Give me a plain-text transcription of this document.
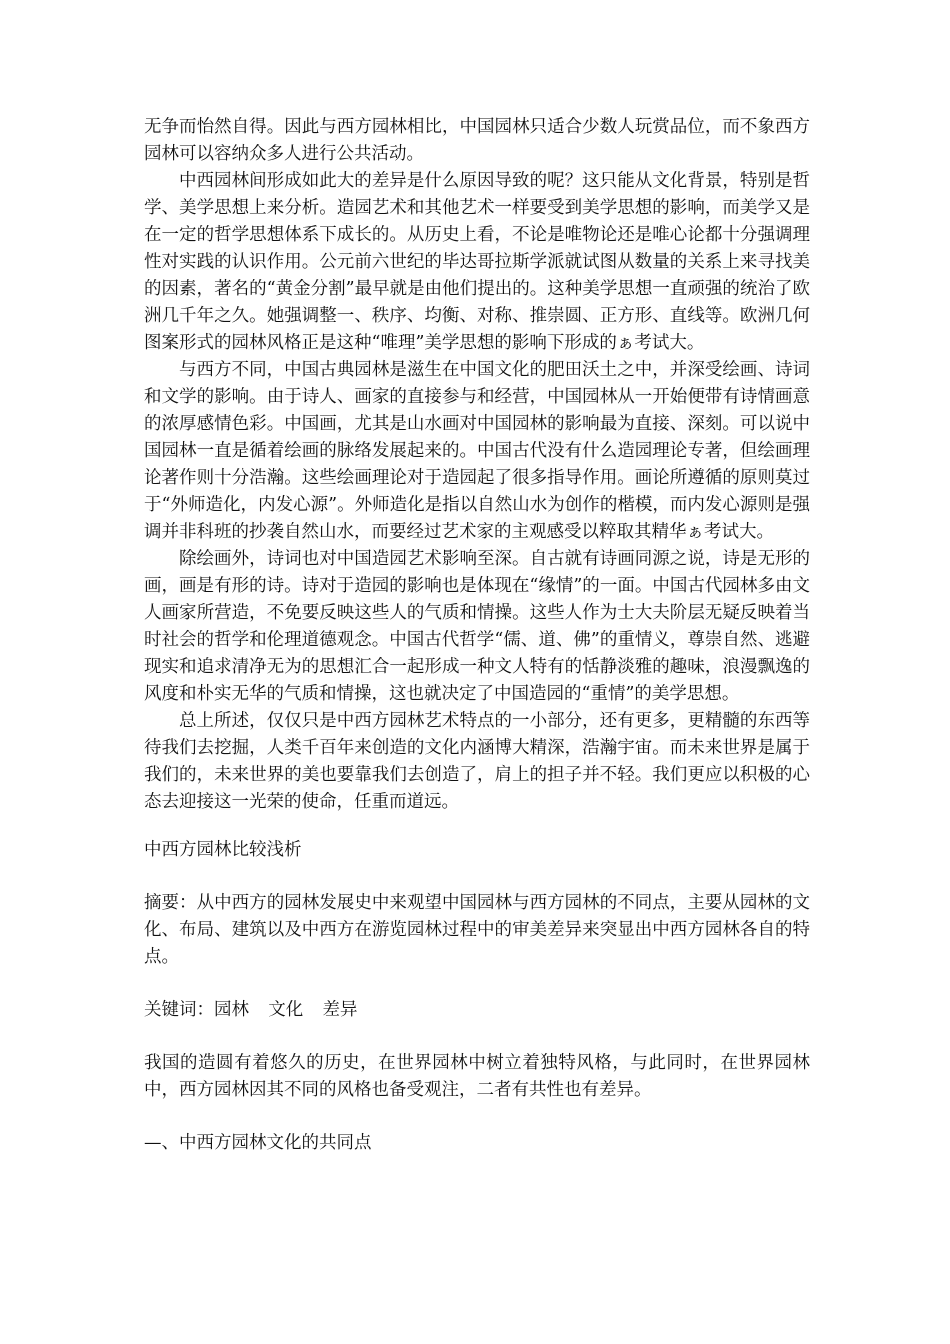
无争而怡然自得。因此与西方园林相比，中国园林只适合少数人玩赏品位，而不象西方园林可以容纳众多人进行公共活动。

中西园林间形成如此大的差异是什么原因导致的呢？这只能从文化背景，特别是哲学、美学思想上来分析。造园艺术和其他艺术一样要受到美学思想的影响，而美学又是在一定的哲学思想体系下成长的。从历史上看，不论是唯物论还是唯心论都十分强调理性对实践的认识作用。公元前六世纪的毕达哥拉斯学派就试图从数量的关系上来寻找美的因素，著名的“黄金分割”最早就是由他们提出的。这种美学思想一直顽强的统治了欧洲几千年之久。她强调整一、秩序、均衡、对称、推崇圆、正方形、直线等。欧洲几何图案形式的园林风格正是这种“唯理”美学思想的影响下形成的ぁ考试大。

与西方不同，中国古典园林是滋生在中国文化的肥田沃土之中，并深受绘画、诗词和文学的影响。由于诗人、画家的直接参与和经营，中国园林从一开始便带有诗情画意的浓厚感情色彩。中国画，尤其是山水画对中国园林的影响最为直接、深刻。可以说中国园林一直是循着绘画的脉络发展起来的。中国古代没有什么造园理论专著，但绘画理论著作则十分浩瀚。这些绘画理论对于造园起了很多指导作用。画论所遵循的原则莫过于“外师造化，内发心源”。外师造化是指以自然山水为创作的楷模，而内发心源则是强调并非科班的抄袭自然山水，而要经过艺术家的主观感受以粹取其精华ぁ考试大。

除绘画外，诗词也对中国造园艺术影响至深。自古就有诗画同源之说，诗是无形的画，画是有形的诗。诗对于造园的影响也是体现在“缘情”的一面。中国古代园林多由文人画家所营造，不免要反映这些人的气质和情操。这些人作为士大夫阶层无疑反映着当时社会的哲学和伦理道德观念。中国古代哲学“儒、道、佛”的重情义，尊崇自然、逃避现实和追求清净无为的思想汇合一起形成一种文人特有的恬静淡雅的趣味，浪漫飘逸的风度和朴实无华的气质和情操，这也就决定了中国造园的“重情”的美学思想。

总上所述，仅仅只是中西方园林艺术特点的一小部分，还有更多，更精髓的东西等待我们去挖掘，人类千百年来创造的文化内涵博大精深，浩瀚宇宙。而未来世界是属于我们的，未来世界的美也要靠我们去创造了，肩上的担子并不轻。我们更应以积极的心态去迎接这一光荣的使命，任重而道远。

中西方园林比较浅析

摘要：从中西方的园林发展史中来观望中国园林与西方园林的不同点，主要从园林的文化、布局、建筑以及中西方在游览园林过程中的审美差异来突显出中西方园林各自的特点。

关键词：园林 文化 差异

我国的造圆有着悠久的历史，在世界园林中树立着独特风格，与此同时，在世界园林中，西方园林因其不同的风格也备受观注，二者有共性也有差异。

—、中西方园林文化的共同点
